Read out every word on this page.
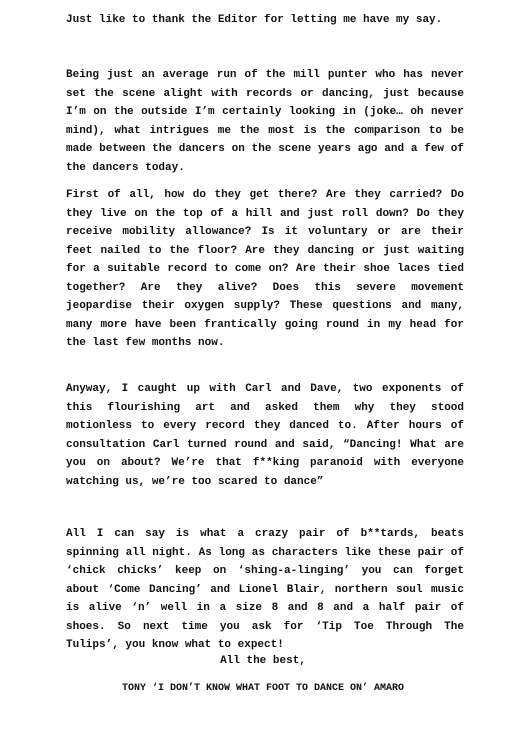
Just like to thank the Editor for letting me have my say.

Being just an average run of the mill punter who has never set the scene alight with records or dancing, just because I’m on the outside I’m certainly looking in (joke… oh never mind), what intrigues me the most is the comparison to be made between the dancers on the scene years ago and a few of the dancers today.

First of all, how do they get there? Are they carried? Do they live on the top of a hill and just roll down? Do they receive mobility allowance? Is it voluntary or are their feet nailed to the floor? Are they dancing or just waiting for a suitable record to come on? Are their shoe laces tied together? Are they alive? Does this severe movement jeopardise their oxygen supply? These questions and many, many more have been frantically going round in my head for the last few months now.

Anyway, I caught up with Carl and Dave, two exponents of this flourishing art and asked them why they stood motionless to every record they danced to. After hours of consultation Carl turned round and said, “Dancing! What are you on about? We’re that f**king paranoid with everyone watching us, we’re too scared to dance”

All I can say is what a crazy pair of b**tards, beats spinning all night. As long as characters like these pair of ‘chick chicks’ keep on ‘shing-a-linging’ you can forget about ‘Come Dancing’ and Lionel Blair, northern soul music is alive ‘n’ well in a size 8 and 8 and a half pair of shoes. So next time you ask for ‘Tip Toe Through The Tulips’, you know what to expect!

All the best,
TONY ‘I DON’T KNOW WHAT FOOT TO DANCE ON’ AMARO
